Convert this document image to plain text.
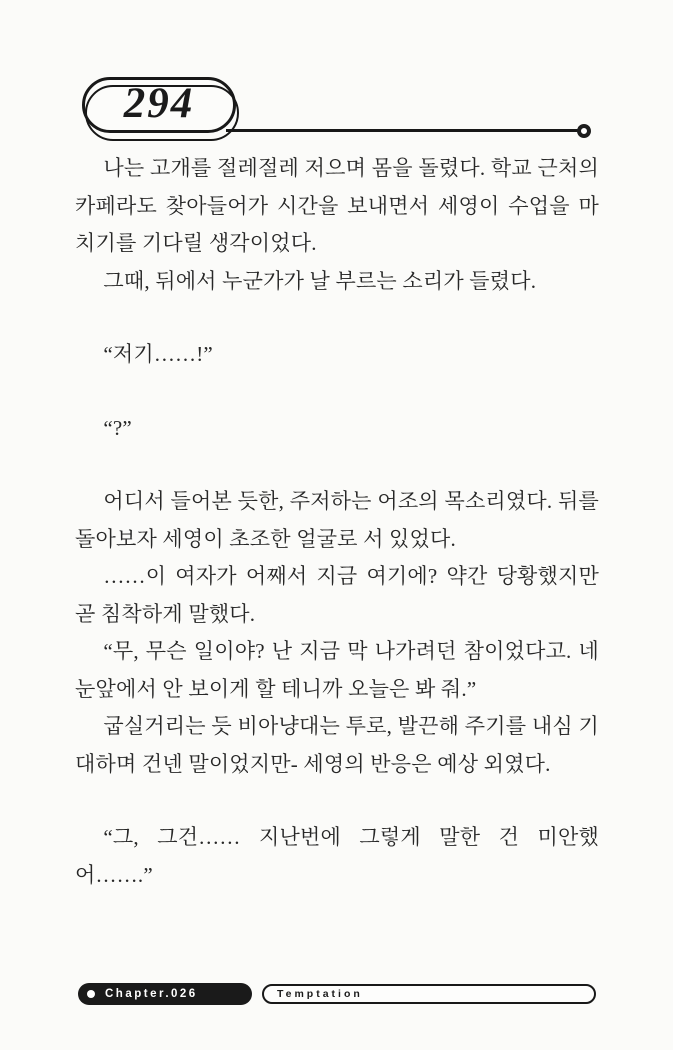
294

나는 고개를 절레절레 저으며 몸을 돌렸다. 학교 근처의 카페라도 찾아들어가 시간을 보내면서 세영이 수업을 마치기를 기다릴 생각이었다.

그때, 뒤에서 누군가가 날 부르는 소리가 들렸다.

“저기……!”

“?”

어디서 들어본 듯한, 주저하는 어조의 목소리였다. 뒤를 돌아보자 세영이 초조한 얼굴로 서 있었다.

……이 여자가 어째서 지금 여기에? 약간 당황했지만 곧 침착하게 말했다.

“무, 무슨 일이야? 난 지금 막 나가려던 참이었다고. 네 눈앞에서 안 보이게 할 테니까 오늘은 봐 줘.”

굽실거리는 듯 비아냥대는 투로, 발끈해 주기를 내심 기대하며 건넨 말이었지만- 세영의 반응은 예상 외였다.

“그, 그건…… 지난번에 그렇게 말한 건 미안했어…….”

Chapter.026	Temptation
